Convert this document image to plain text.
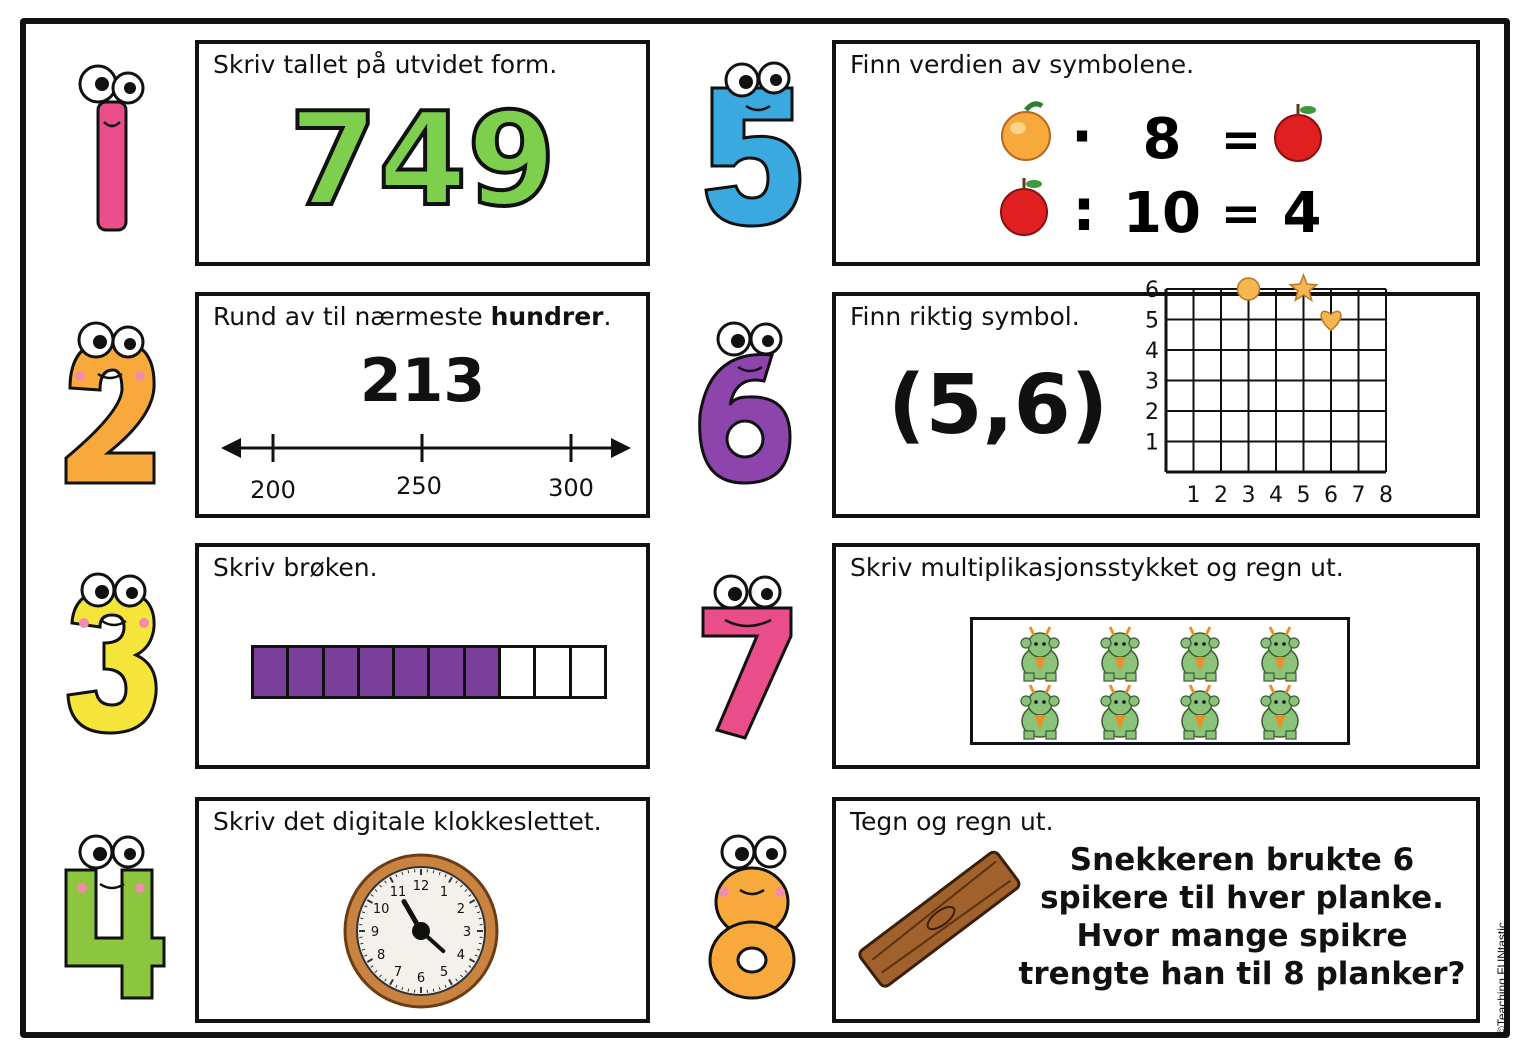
Skriv tallet på utvidet form.
749
Rund av til nærmeste hundrer.
213
200	250	300
Skriv brøken.
Skriv det digitale klokkeslettet.
12 1
2
3
4
5
6
7
8
9
10
11
Finn verdien av symbolene.
· 8 =
: 10 = 4
Finn riktig symbol.
(5,6)
1 2 3 4 5 6 7 8
1
2
3
4
5
6
Skriv multiplikasjonsstykket og regn ut.
Tegn og regn ut.
Snekkeren brukte 6
spikere til hver planke.
Hvor mange spikre
trengte han til 8 planker?	©Teaching FUNtastic
